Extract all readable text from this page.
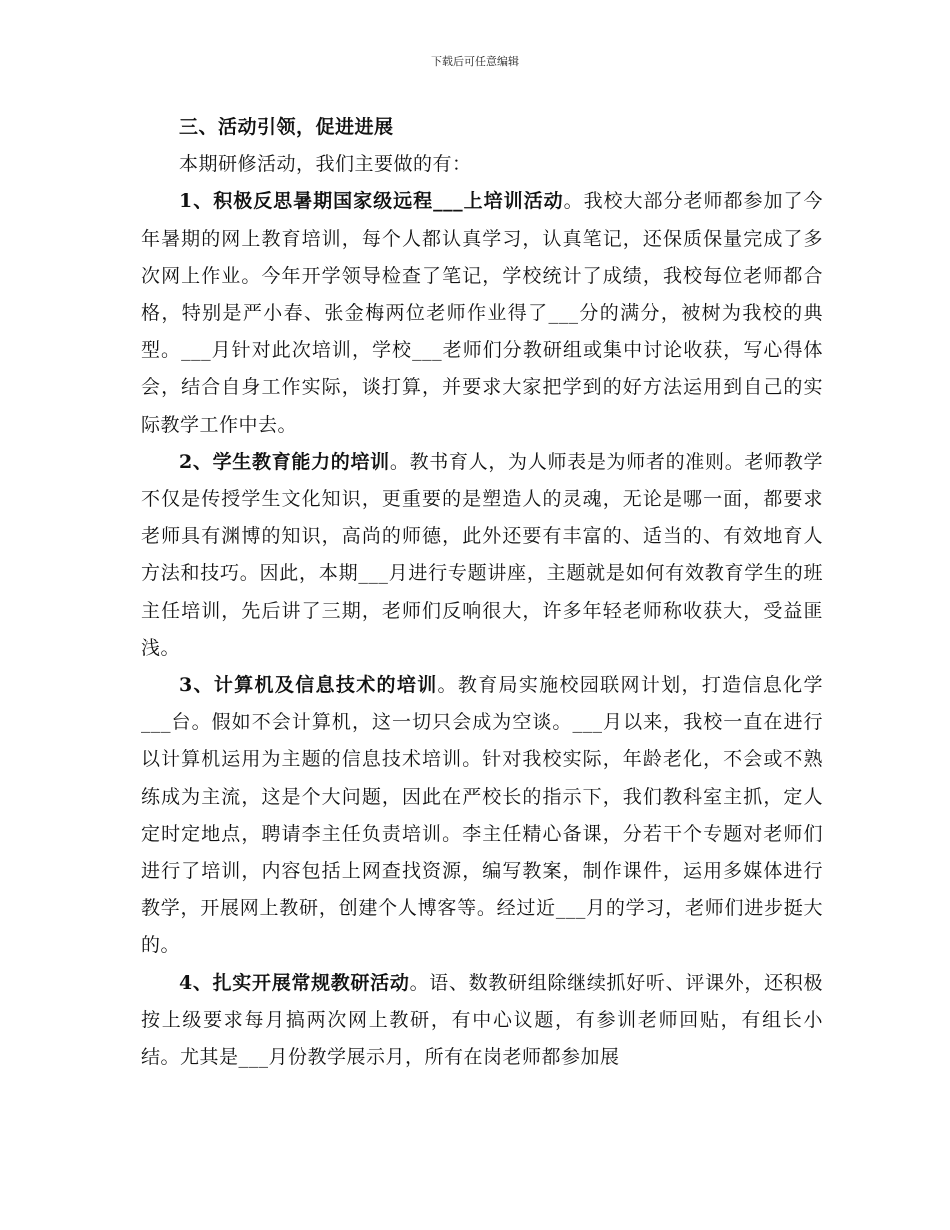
下载后可任意编辑

三、活动引领，促进进展

本期研修活动，我们主要做的有：

1、积极反思暑期国家级远程___上培训活动。我校大部分老师都参加了今年暑期的网上教育培训，每个人都认真学习，认真笔记，还保质保量完成了多次网上作业。今年开学领导检查了笔记，学校统计了成绩，我校每位老师都合格，特别是严小春、张金梅两位老师作业得了___分的满分，被树为我校的典型。___月针对此次培训，学校___老师们分教研组或集中讨论收获，写心得体会，结合自身工作实际，谈打算，并要求大家把学到的好方法运用到自己的实际教学工作中去。

2、学生教育能力的培训。教书育人，为人师表是为师者的准则。老师教学不仅是传授学生文化知识，更重要的是塑造人的灵魂，无论是哪一面，都要求老师具有渊博的知识，高尚的师德，此外还要有丰富的、适当的、有效地育人方法和技巧。因此，本期___月进行专题讲座，主题就是如何有效教育学生的班主任培训，先后讲了三期，老师们反响很大，许多年轻老师称收获大，受益匪浅。

3、计算机及信息技术的培训。教育局实施校园联网计划，打造信息化学___台。假如不会计算机，这一切只会成为空谈。___月以来，我校一直在进行以计算机运用为主题的信息技术培训。针对我校实际，年龄老化，不会或不熟练成为主流，这是个大问题，因此在严校长的指示下，我们教科室主抓，定人定时定地点，聘请李主任负责培训。李主任精心备课，分若干个专题对老师们进行了培训，内容包括上网查找资源，编写教案，制作课件，运用多媒体进行教学，开展网上教研，创建个人博客等。经过近___月的学习，老师们进步挺大的。

4、扎实开展常规教研活动。语、数教研组除继续抓好听、评课外，还积极按上级要求每月搞两次网上教研，有中心议题，有参训老师回贴，有组长小结。尤其是___月份教学展示月，所有在岗老师都参加展
